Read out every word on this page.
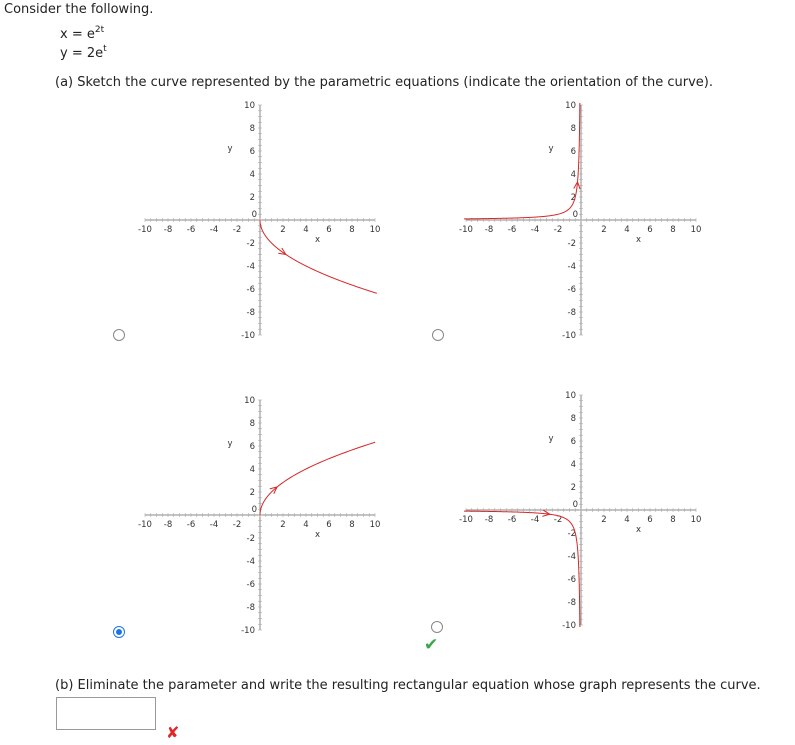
Consider the following.
$x = e^{2t}$
$y = 2e^t$
(a) Sketch the curve represented by the parametric equations (indicate the orientation of the curve).
-10 -8 -6 -4 -2	2 4 6 8 10
10
8
6
4
2
-2
-4
-6
-8
-10
0
x
y
-10 -8 -6 -4 -2	2 4 6 8 10
10
8
6
4
2
-2
-4
-6
-8
-10
0
x
y
-10 -8 -6 -4 -2	2 4 6 8 10
10
8
6
4
2
-2
-4
-6
-8
-10
0
x
y
-10 -8 -6 -4 -2	2 4 6 8 10
10
8
6
4
2
-2
-4
-6
-8
-10
0
x
y
✔
(b) Eliminate the parameter and write the resulting rectangular equation whose graph represents the curve.
✘
